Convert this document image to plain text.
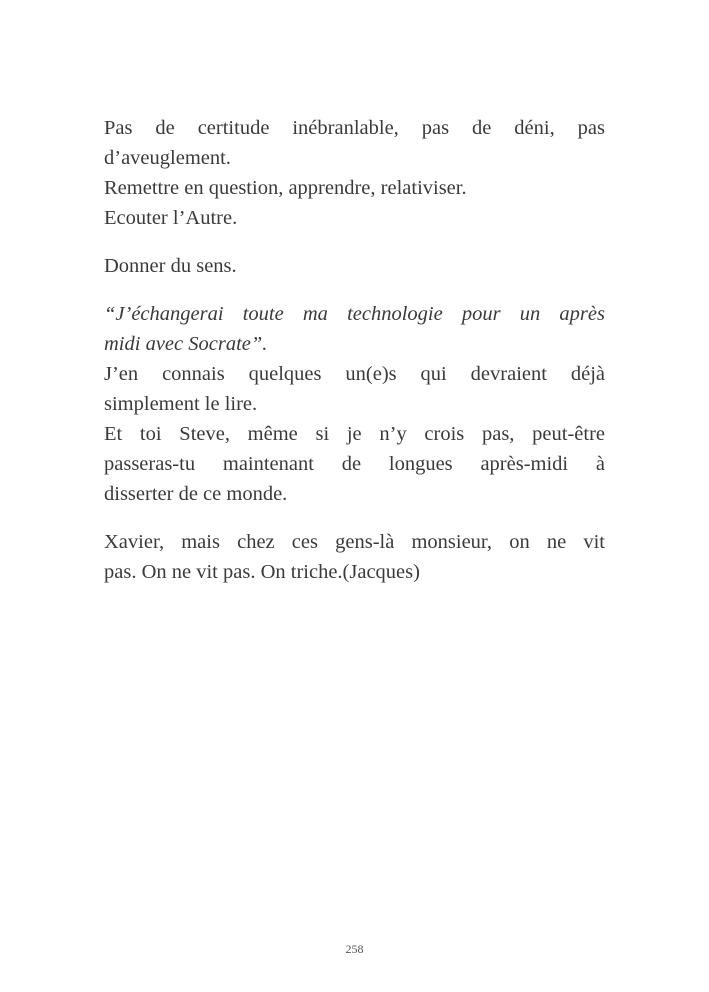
Pas de certitude inébranlable, pas de déni, pas
d’aveuglement.
Remettre en question, apprendre, relativiser.
Ecouter l’Autre.
Donner du sens.
“J’échangerai toute ma technologie pour un après
midi avec Socrate”.
J’en connais quelques un(e)s qui devraient déjà
simplement le lire.
Et toi Steve, même si je n’y crois pas, peut-être
passeras-tu maintenant de longues après-midi à
disserter de ce monde.
Xavier, mais chez ces gens-là monsieur, on ne vit
pas. On ne vit pas. On triche.(Jacques)
258
